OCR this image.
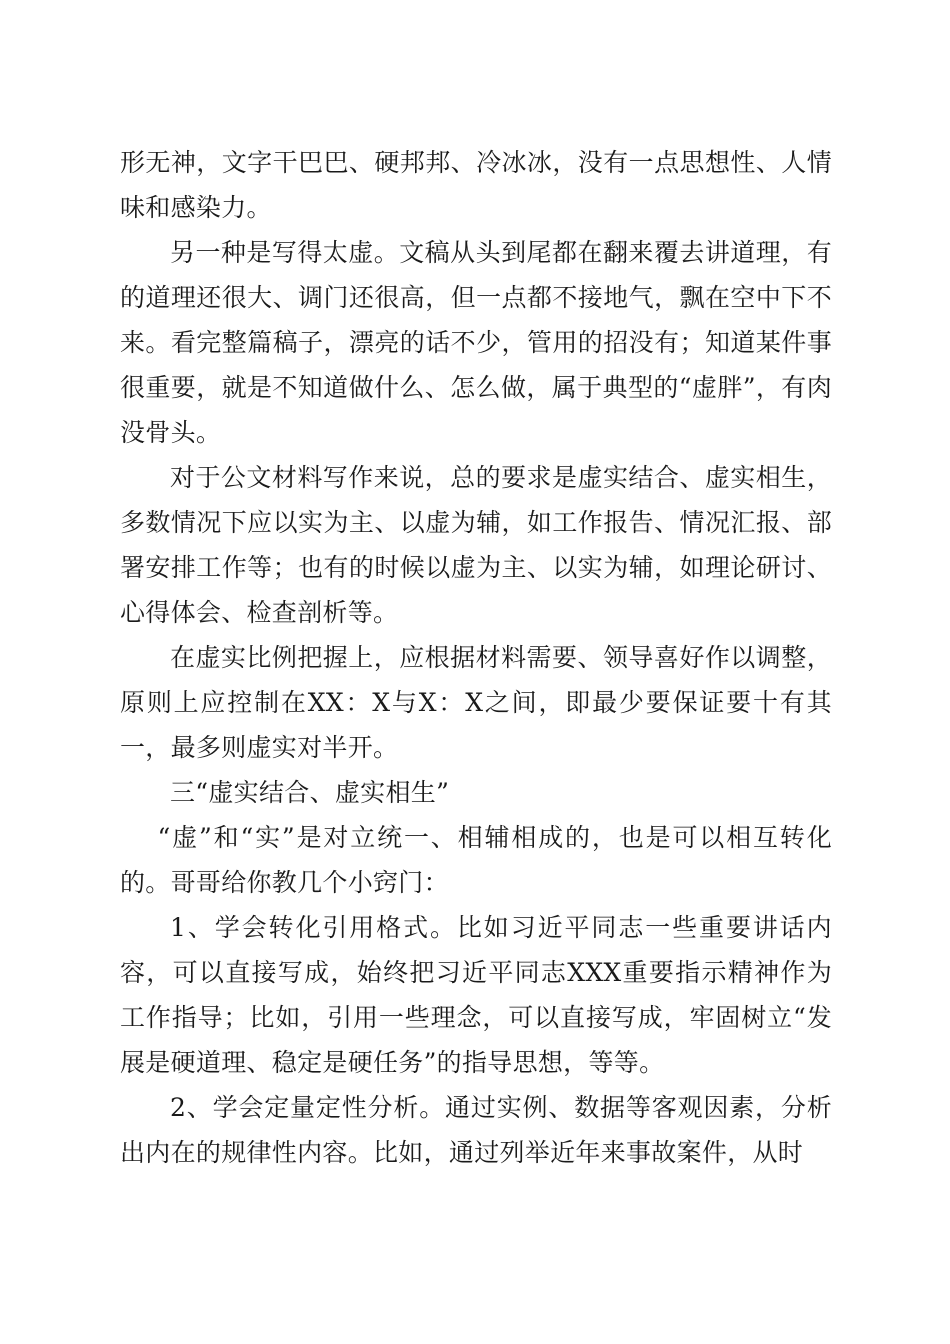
形无神，文字干巴巴、硬邦邦、冷冰冰，没有一点思想性、人情味和感染力。

另一种是写得太虚。文稿从头到尾都在翻来覆去讲道理，有的道理还很大、调门还很高，但一点都不接地气，飘在空中下不来。看完整篇稿子，漂亮的话不少，管用的招没有；知道某件事很重要，就是不知道做什么、怎么做，属于典型的“虚胖”，有肉没骨头。

对于公文材料写作来说，总的要求是虚实结合、虚实相生，多数情况下应以实为主、以虚为辅，如工作报告、情况汇报、部署安排工作等；也有的时候以虚为主、以实为辅，如理论研讨、心得体会、检查剖析等。

在虚实比例把握上，应根据材料需要、领导喜好作以调整，原则上应控制在XX：X与X：X之间，即最少要保证要十有其一，最多则虚实对半开。

三“虚实结合、虚实相生”

“虚”和“实”是对立统一、相辅相成的，也是可以相互转化的。哥哥给你教几个小窍门：

1、学会转化引用格式。比如习近平同志一些重要讲话内容，可以直接写成，始终把习近平同志XXX重要指示精神作为工作指导；比如，引用一些理念，可以直接写成，牢固树立“发展是硬道理、稳定是硬任务”的指导思想，等等。

2、学会定量定性分析。通过实例、数据等客观因素，分析出内在的规律性内容。比如，通过列举近年来事故案件，从时
